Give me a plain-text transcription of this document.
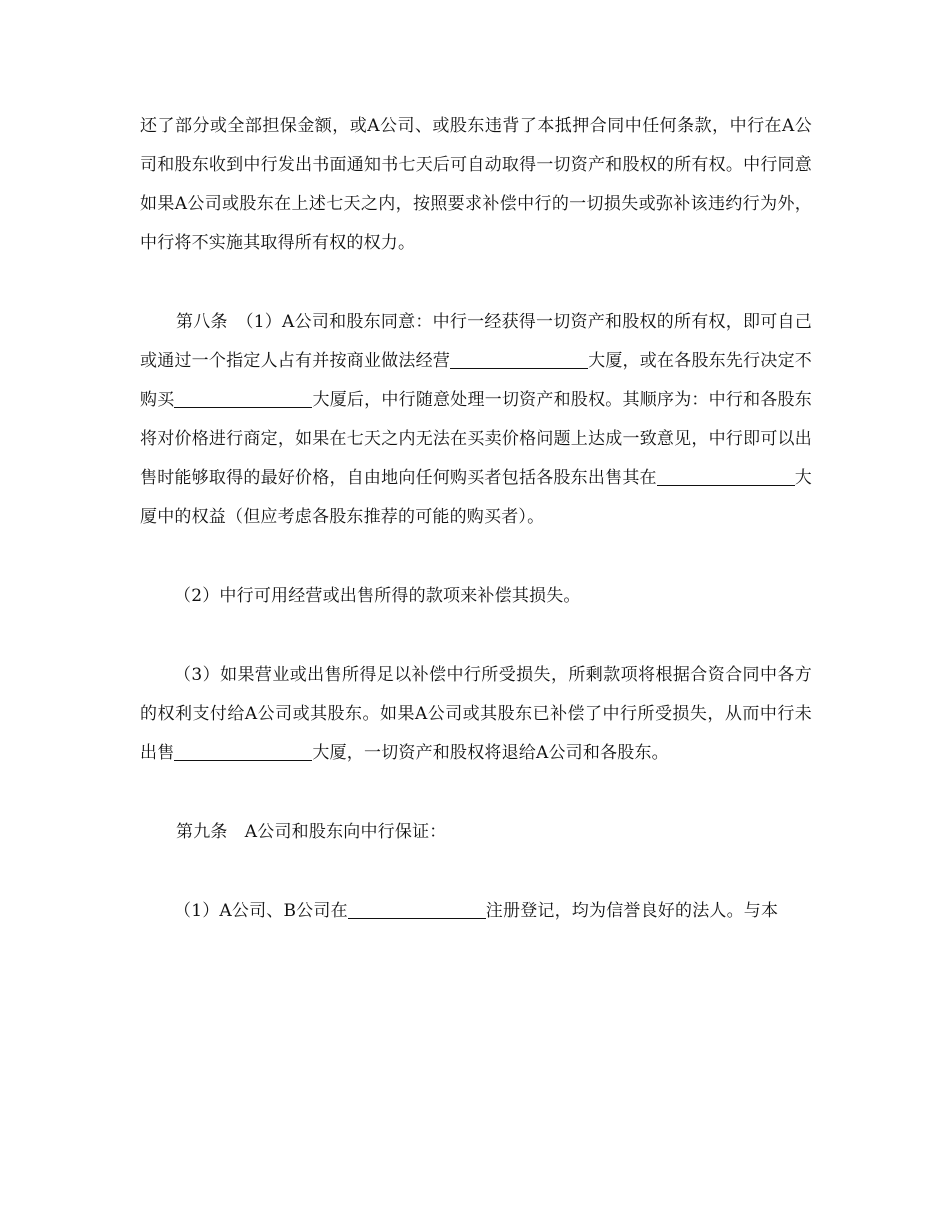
还了部分或全部担保金额，或A公司、或股东违背了本抵押合同中任何条款，中行在A公司和股东收到中行发出书面通知书七天后可自动取得一切资产和股权的所有权。中行同意如果A公司或股东在上述七天之内，按照要求补偿中行的一切损失或弥补该违约行为外，中行将不实施其取得所有权的权力。

第八条　（1）A公司和股东同意：中行一经获得一切资产和股权的所有权，即可自己或通过一个指定人占有并按商业做法经营	大厦，或在各股东先行决定不购买	大厦后，中行随意处理一切资产和股权。其顺序为：中行和各股东将对价格进行商定，如果在七天之内无法在买卖价格问题上达成一致意见，中行即可以出售时能够取得的最好价格，自由地向任何购买者包括各股东出售其在	大厦中的权益（但应考虑各股东推荐的可能的购买者）。

（2）中行可用经营或出售所得的款项来补偿其损失。

（3）如果营业或出售所得足以补偿中行所受损失，所剩款项将根据合资合同中各方的权利支付给A公司或其股东。如果A公司或其股东已补偿了中行所受损失，从而中行未出售	大厦，一切资产和股权将退给A公司和各股东。

第九条　A公司和股东向中行保证：

（1）A公司、B公司在	注册登记，均为信誉良好的法人。与本
